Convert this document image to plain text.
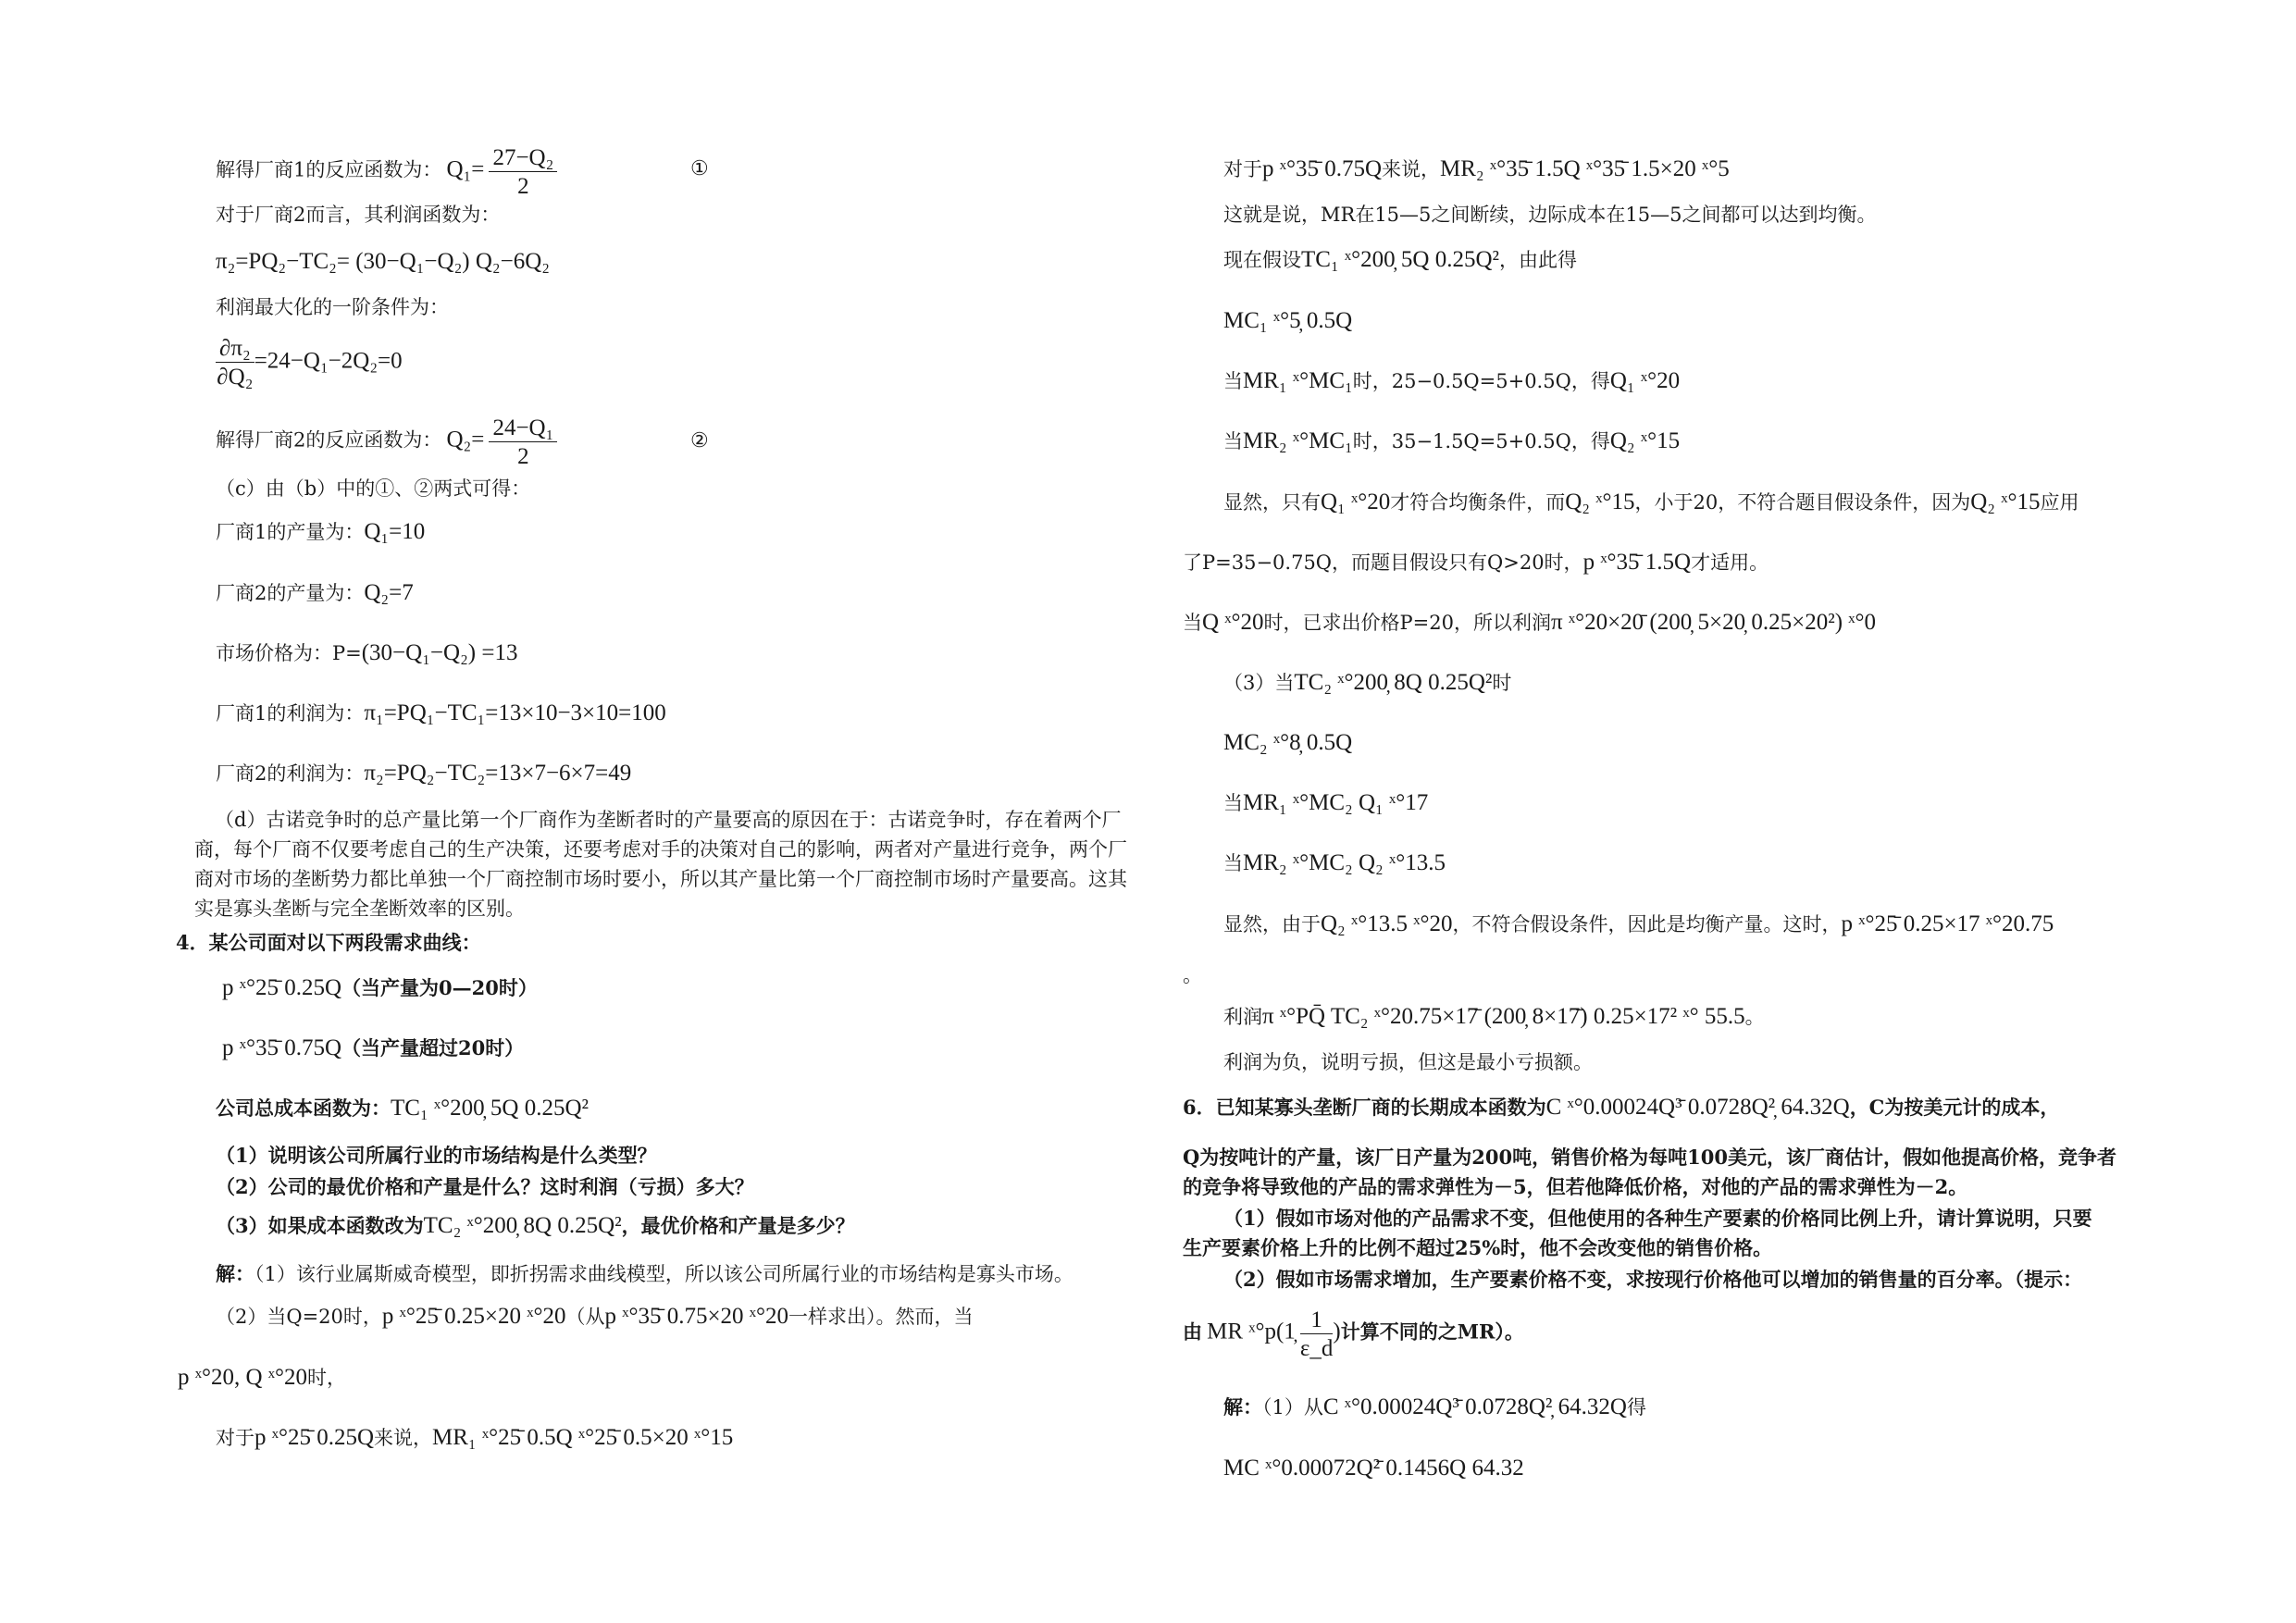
解得厂商1的反应函数为： $Q_1= \frac{\text{27−Q₂}}{2}$	①
对于厂商2而言，其利润函数为：
π₂=PQ₂−TC₂= (30−Q₁−Q₂) Q₂−6Q₂
利润最大化的一阶条件为：
$\frac{\text{∂π₂}}{\text{∂Q₂}} =24-Q_1-2Q_2=0$
解得厂商2的反应函数为： $Q_2= \frac{\text{24−Q₁}}{2}$	②
（c）由（b）中的①、②两式可得：
厂商1的产量为：Q₁=10
厂商2的产量为：Q₂=7
市场价格为：P=(30−Q₁−Q₂) =13
厂商1的利润为：π₁=PQ₁−TC₁=13×10−3×10=100
厂商2的利润为：π₂=PQ₂−TC₂=13×7−6×7=49
（d）古诺竞争时的总产量比第一个厂商作为垄断者时的产量要高的原因在于：古诺竞争时，存在着两个厂商，每个厂商不仅要考虑自己的生产决策，还要考虑对手的决策对自己的影响，两者对产量进行竞争，两个厂商对市场的垄断势力都比单独一个厂商控制市场时要小，所以其产量比第一个厂商控制市场时产量要高。这其实是寡头垄断与完全垄断效率的区别。
4．某公司面对以下两段需求曲线：
p ˣ°25̄ 0.25Q（当产量为0—20时）
p ˣ°35̄ 0.75Q（当产量超过20时）
公司总成本函数为：TC₁ ˣ°200̦ 5Q 0.25Q²
（1）说明该公司所属行业的市场结构是什么类型？
（2）公司的最优价格和产量是什么？这时利润（亏损）多大？
（3）如果成本函数改为TC₂ ˣ°200̦ 8Q 0.25Q²，最优价格和产量是多少？
解：（1）该行业属斯威奇模型，即折拐需求曲线模型，所以该公司所属行业的市场结构是寡头市场。
（2）当Q=20时，p ˣ°25̄ 0.25×20 ˣ°20（从p ˣ°35̄ 0.75×20 ˣ°20一样求出）。然而，当
p ˣ°20, Q ˣ°20时，
对于p ˣ°25̄ 0.25Q来说，MR₁ ˣ°25̄ 0.5Q ˣ°25̄ 0.5×20 ˣ°15
对于p ˣ°35̄ 0.75Q来说，MR₂ ˣ°35̄ 1.5Q ˣ°35̄ 1.5×20 ˣ°5
这就是说，MR在15—5之间断续，边际成本在15—5之间都可以达到均衡。
现在假设TC₁ ˣ°200̦ 5Q 0.25Q²，由此得
MC₁ ˣ°5̦ 0.5Q
当MR₁ ˣ°MC₁时，25−0.5Q=5+0.5Q，得Q₁ ˣ°20
当MR₂ ˣ°MC₁时，35−1.5Q=5+0.5Q，得Q₂ ˣ°15
显然，只有Q₁ ˣ°20才符合均衡条件，而Q₂ ˣ°15，小于20，不符合题目假设条件，因为Q₂ ˣ°15应用
了P=35−0.75Q，而题目假设只有Q>20时，p ˣ°35̄ 1.5Q才适用。
当Q ˣ°20时，已求出价格P=20，所以利润π ˣ°20×20̄ (200̦ 5×20̦ 0.25×20²) ˣ°0
（3）当TC₂ ˣ°200̦ 8Q 0.25Q²时
MC₂ ˣ°8̦ 0.5Q
当MR₁ ˣ°MC₂ Q₁ ˣ°17
当MR₂ ˣ°MC₂ Q₂ ˣ°13.5
显然，由于Q₂ ˣ°13.5 ˣ°20，不符合假设条件，因此是均衡产量。这时，p ˣ°25̄ 0.25×17 ˣ°20.75
。
利润π ˣ°PQ̄ TC₂ ˣ°20.75×17̄ (200̦ 8×17̄) 0.25×17² ˣ° 55.5。
利润为负，说明亏损，但这是最小亏损额。
6．已知某寡头垄断厂商的长期成本函数为C ˣ°0.00024Q³̄ 0.0728Q²̦ 64.32Q，C为按美元计的成本，
Q为按吨计的产量，该厂日产量为200吨，销售价格为每吨100美元，该厂商估计，假如他提高价格，竞争者
的竞争将导致他的产品的需求弹性为－5，但若他降低价格，对他的产品的需求弹性为－2。
（1）假如市场对他的产品需求不变，但他使用的各种生产要素的价格同比例上升，请计算说明，只要
生产要素价格上升的比例不超过25%时，他不会改变他的销售价格。
（2）假如市场需求增加，生产要素价格不变，求按现行价格他可以增加的销售量的百分率。（提示：
由 MR ˣ°p(1̦ $\frac{1}{\varepsilon\_d}$ )计算不同的之MR）。
解：（1）从C ˣ°0.00024Q³̄ 0.0728Q²̦ 64.32Q得
MC ˣ°0.00072Q²̄ 0.1456Q 64.32
